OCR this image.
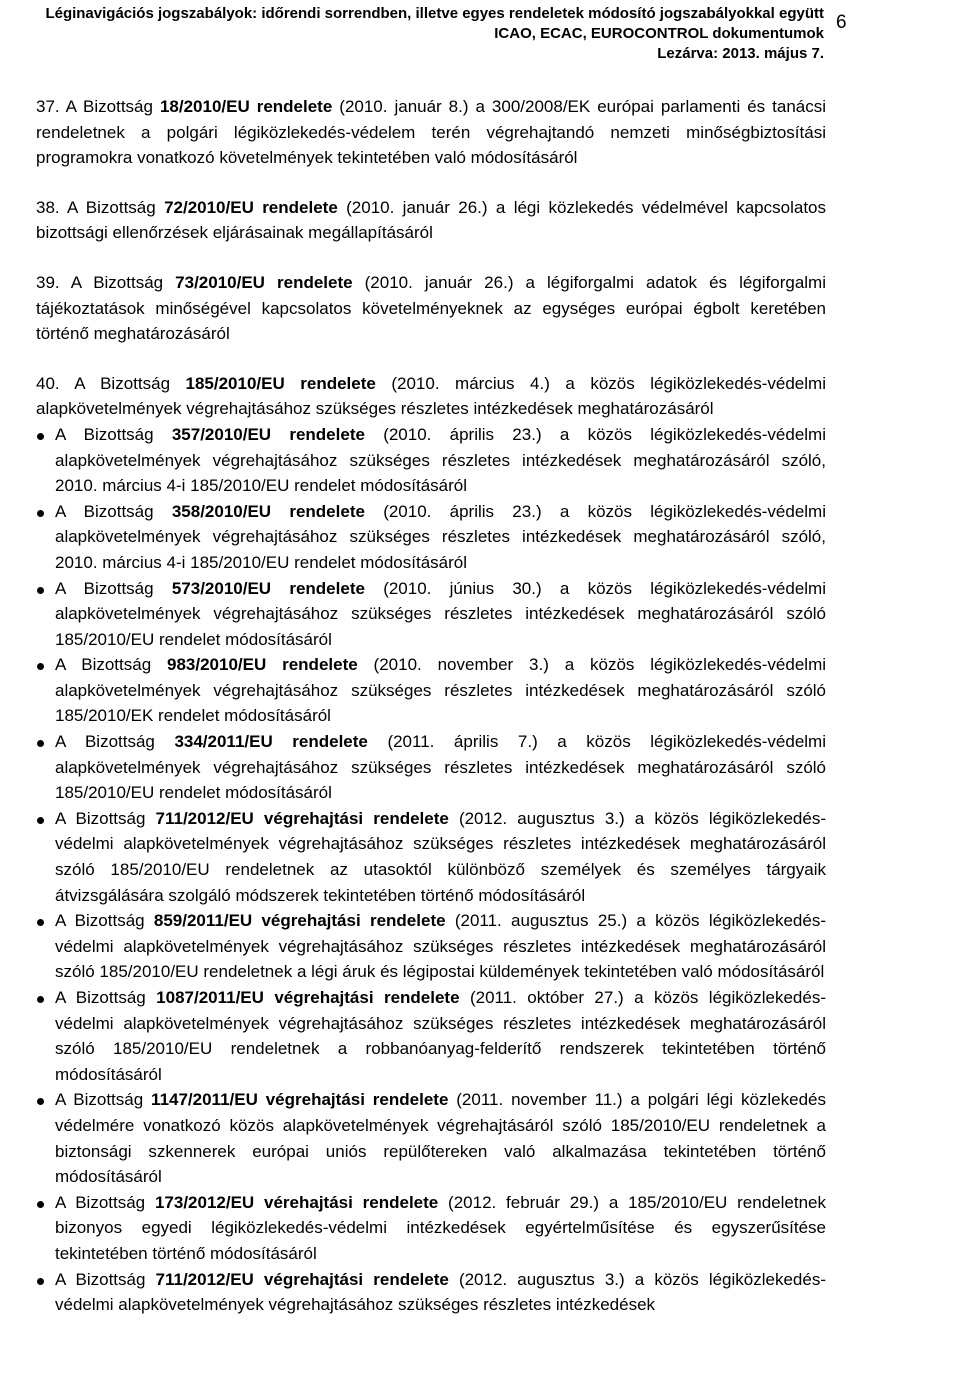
Léginavigációs jogszabályok: időrendi sorrendben, illetve egyes rendeletek módosító jogszabályokkal együtt
ICAO, ECAC, EUROCONTROL dokumentumok
Lezárva: 2013. május 7.
6

37. A Bizottság 18/2010/EU rendelete (2010. január 8.) a 300/2008/EK európai parlamenti és tanácsi rendeletnek a polgári légiközlekedés-védelem terén végrehajtandó nemzeti minőségbiztosítási programokra vonatkozó követelmények tekintetében való módosításáról

38. A Bizottság 72/2010/EU rendelete (2010. január 26.) a légi közlekedés védelmével kapcsolatos bizottsági ellenőrzések eljárásainak megállapításáról

39. A Bizottság 73/2010/EU rendelete (2010. január 26.) a légiforgalmi adatok és légiforgalmi tájékoztatások minőségével kapcsolatos követelményeknek az egységes európai égbolt keretében történő meghatározásáról

40. A Bizottság 185/2010/EU rendelete (2010. március 4.) a közös légiközlekedés-védelmi alapkövetelmények végrehajtásához szükséges részletes intézkedések meghatározásáról

A Bizottság 357/2010/EU rendelete (2010. április 23.) a közös légiközlekedés-védelmi alapkövetelmények végrehajtásához szükséges részletes intézkedések meghatározásáról szóló, 2010. március 4-i 185/2010/EU rendelet módosításáról
A Bizottság 358/2010/EU rendelete (2010. április 23.) a közös légiközlekedés-védelmi alapkövetelmények végrehajtásához szükséges részletes intézkedések meghatározásáról szóló, 2010. március 4-i 185/2010/EU rendelet módosításáról
A Bizottság 573/2010/EU rendelete (2010. június 30.) a közös légiközlekedés-védelmi alapkövetelmények végrehajtásához szükséges részletes intézkedések meghatározásáról szóló 185/2010/EU rendelet módosításáról
A Bizottság 983/2010/EU rendelete (2010. november 3.) a közös légiközlekedés-védelmi alapkövetelmények végrehajtásához szükséges részletes intézkedések meghatározásáról szóló 185/2010/EK rendelet módosításáról
A Bizottság 334/2011/EU rendelete (2011. április 7.) a közös légiközlekedés-védelmi alapkövetelmények végrehajtásához szükséges részletes intézkedések meghatározásáról szóló 185/2010/EU rendelet módosításáról
A Bizottság 711/2012/EU végrehajtási rendelete (2012. augusztus 3.) a közös légiközlekedés-védelmi alapkövetelmények végrehajtásához szükséges részletes intézkedések meghatározásáról szóló 185/2010/EU rendeletnek az utasoktól különböző személyek és személyes tárgyaik átvizsgálására szolgáló módszerek tekintetében történő módosításáról
A Bizottság 859/2011/EU végrehajtási rendelete (2011. augusztus 25.) a közös légiközlekedés-védelmi alapkövetelmények végrehajtásához szükséges részletes intézkedések meghatározásáról szóló 185/2010/EU rendeletnek a légi áruk és légipostai küldemények tekintetében való módosításáról
A Bizottság 1087/2011/EU végrehajtási rendelete (2011. október 27.) a közös légiközlekedés-védelmi alapkövetelmények végrehajtásához szükséges részletes intézkedések meghatározásáról szóló 185/2010/EU rendeletnek a robbanóanyag-felderítő rendszerek tekintetében történő módosításáról
A Bizottság 1147/2011/EU végrehajtási rendelete (2011. november 11.) a polgári légi közlekedés védelmére vonatkozó közös alapkövetelmények végrehajtásáról szóló 185/2010/EU rendeletnek a biztonsági szkennerek európai uniós repülőtereken való alkalmazása tekintetében történő módosításáról
A Bizottság 173/2012/EU vérehajtási rendelete (2012. február 29.) a 185/2010/EU rendeletnek bizonyos egyedi légiközlekedés-védelmi intézkedések egyértelműsítése és egyszerűsítése tekintetében történő módosításáról
A Bizottság 711/2012/EU végrehajtási rendelete (2012. augusztus 3.) a közös légiközlekedés-védelmi alapkövetelmények végrehajtásához szükséges részletes intézkedések
